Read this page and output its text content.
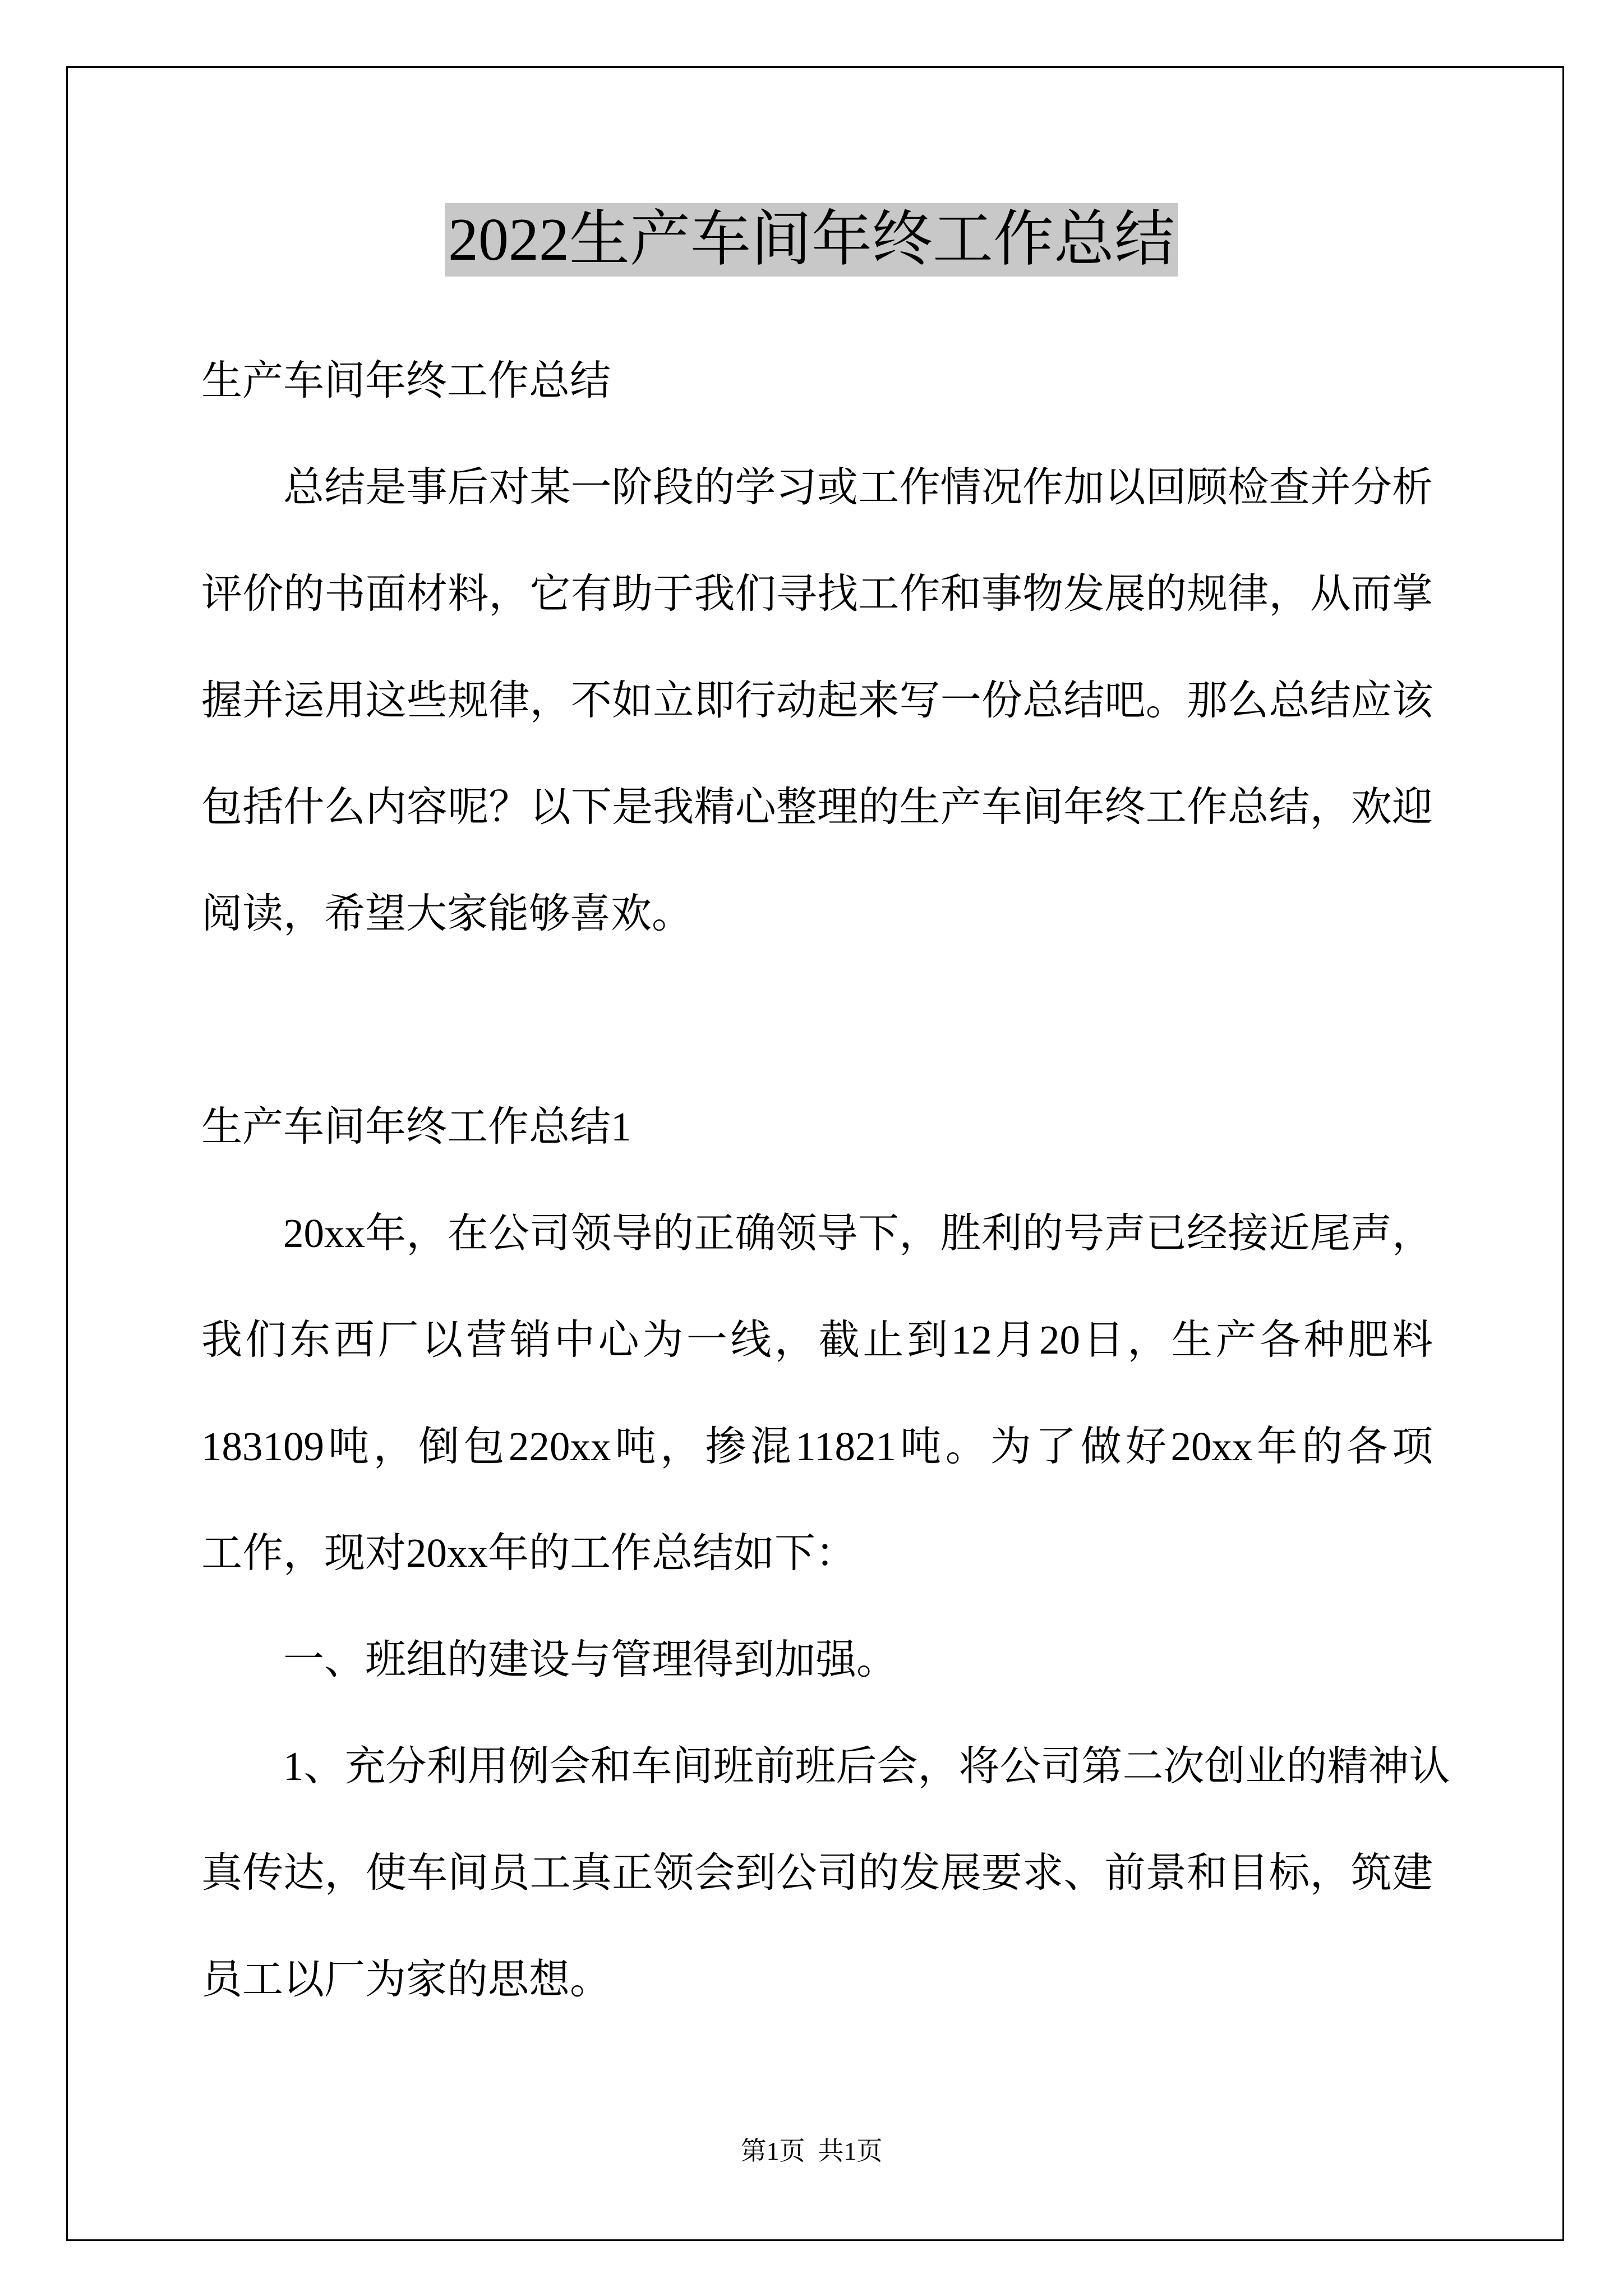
2022生产车间年终工作总结
生产车间年终工作总结
总结是事后对某一阶段的学习或工作情况作加以回顾检查并分析
评价的书面材料，它有助于我们寻找工作和事物发展的规律，从而掌
握并运用这些规律，不如立即行动起来写一份总结吧。那么总结应该
包括什么内容呢？以下是我精心整理的生产车间年终工作总结，欢迎
阅读，希望大家能够喜欢。
生产车间年终工作总结1
20xx年，在公司领导的正确领导下，胜利的号声已经接近尾声，
我们东西厂以营销中心为一线，截止到12月20日，生产各种肥料
183109吨，倒包220xx吨，掺混11821吨。为了做好20xx年的各项
工作，现对20xx年的工作总结如下：
一、班组的建设与管理得到加强。
1、充分利用例会和车间班前班后会，将公司第二次创业的精神认
真传达，使车间员工真正领会到公司的发展要求、前景和目标，筑建
员工以厂为家的思想。
第1页  共1页
